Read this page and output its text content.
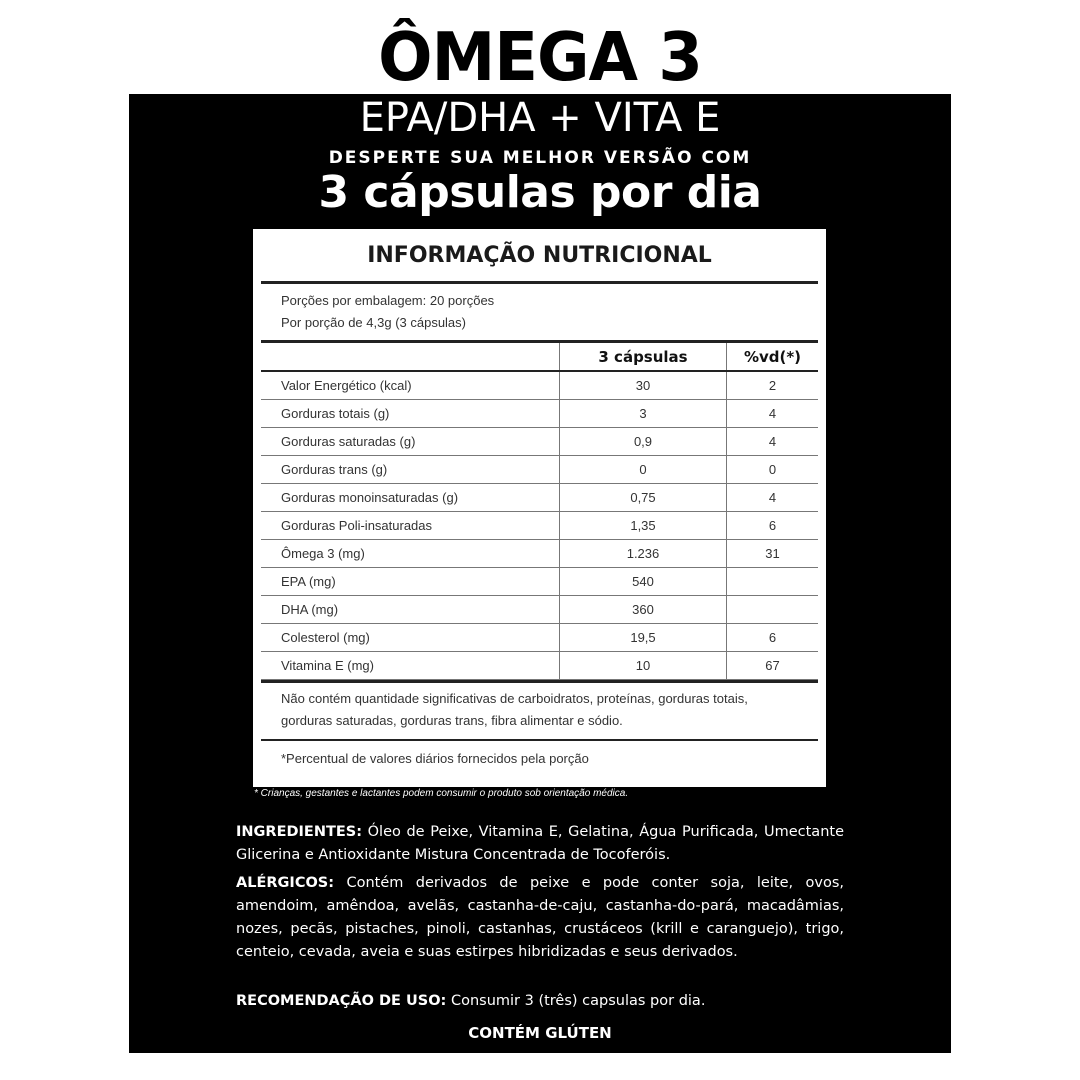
ÔMEGA 3
EPA/DHA + VITA E
DESPERTE SUA MELHOR VERSÃO COM
3 cápsulas por dia
INFORMAÇÃO NUTRICIONAL
Porções por embalagem: 20 porções
Por porção de 4,3g (3 cápsulas)
	3 cápsulas	%vd(*)
Valor Energético (kcal)	30	2
Gorduras totais (g)	3	4
Gorduras saturadas (g)	0,9	4
Gorduras trans (g)	0	0
Gorduras monoinsaturadas (g)	0,75	4
Gorduras Poli-insaturadas	1,35	6
Ômega 3 (mg)	1.236	31
EPA (mg)	540	
DHA (mg)	360	
Colesterol (mg)	19,5	6
Vitamina E (mg)	10	67
Não contém quantidade significativas de carboidratos, proteínas, gorduras totais, gorduras saturadas, gorduras trans, fibra alimentar e sódio.
*Percentual de valores diários fornecidos pela porção
* Crianças, gestantes e lactantes podem consumir o produto sob orientação médica.
INGREDIENTES: Óleo de Peixe, Vitamina E, Gelatina, Água Purificada, Umectante Glicerina e Antioxidante Mistura Concentrada de Tocoferóis.
ALÉRGICOS: Contém derivados de peixe e pode conter soja, leite, ovos, amendoim, amêndoa, avelãs, castanha-de-caju, castanha-do-pará, macadâmias, nozes, pecãs, pistaches, pinoli, castanhas, crustáceos (krill e caranguejo), trigo, centeio, cevada, aveia e suas estirpes hibridizadas e seus derivados.
RECOMENDAÇÃO DE USO: Consumir 3 (três) capsulas por dia.
CONTÉM GLÚTEN
